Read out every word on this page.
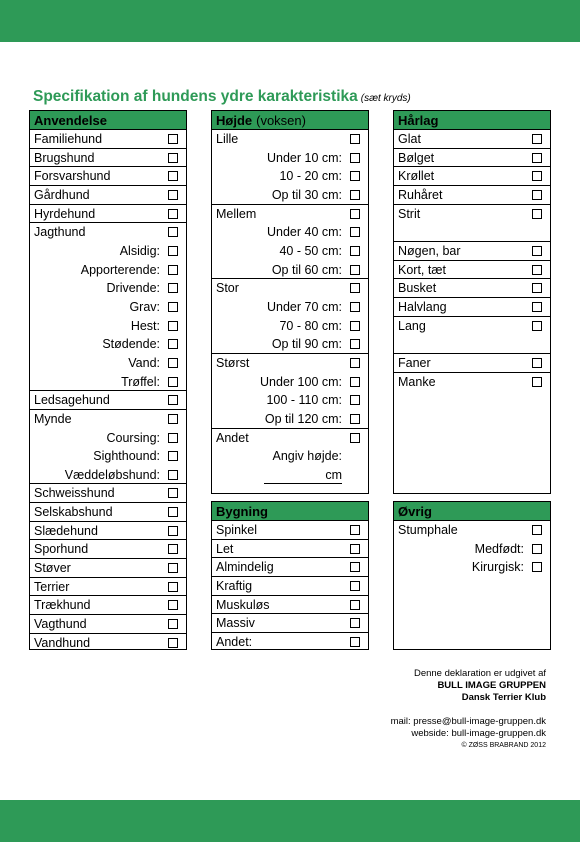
Specifikation af hundens ydre karakteristika (sæt kryds)
Anvendelse
Familiehund
Brugshund
Forsvarshund
Gårdhund
Hyrdehund
Jagthund
Alsidig:
Apporterende:
Drivende:
Grav:
Hest:
Stødende:
Vand:
Trøffel:
Ledsagehund
Mynde
Coursing:
Sighthound:
Væddeløbshund:
Schweisshund
Selskabshund
Slædehund
Sporhund
Støver
Terrier
Trækhund
Vagthund
Vandhund
Højde (voksen)
Lille
Under 10 cm:
10 - 20 cm:
Op til 30 cm:
Mellem
Under 40 cm:
40 - 50 cm:
Op til 60 cm:
Stor
Under 70 cm:
70 - 80 cm:
Op til 90 cm:
Størst
Under 100 cm:
100 - 110 cm:
Op til 120 cm:
Andet
Angiv højde:
cm
Bygning
Spinkel
Let
Almindelig
Kraftig
Muskuløs
Massiv
Andet:
Hårlag
Glat
Bølget
Krøllet
Ruhåret
Strit
Nøgen, bar
Kort, tæt
Busket
Halvlang
Lang
Faner
Manke
Øvrig
Stumphale
Medfødt:
Kirurgisk:
Denne deklaration er udgivet af
BULL IMAGE GRUPPEN
Dansk Terrier Klub
mail: presse@bull-image-gruppen.dk
webside: bull-image-gruppen.dk
© ZØSS BRABRAND 2012
